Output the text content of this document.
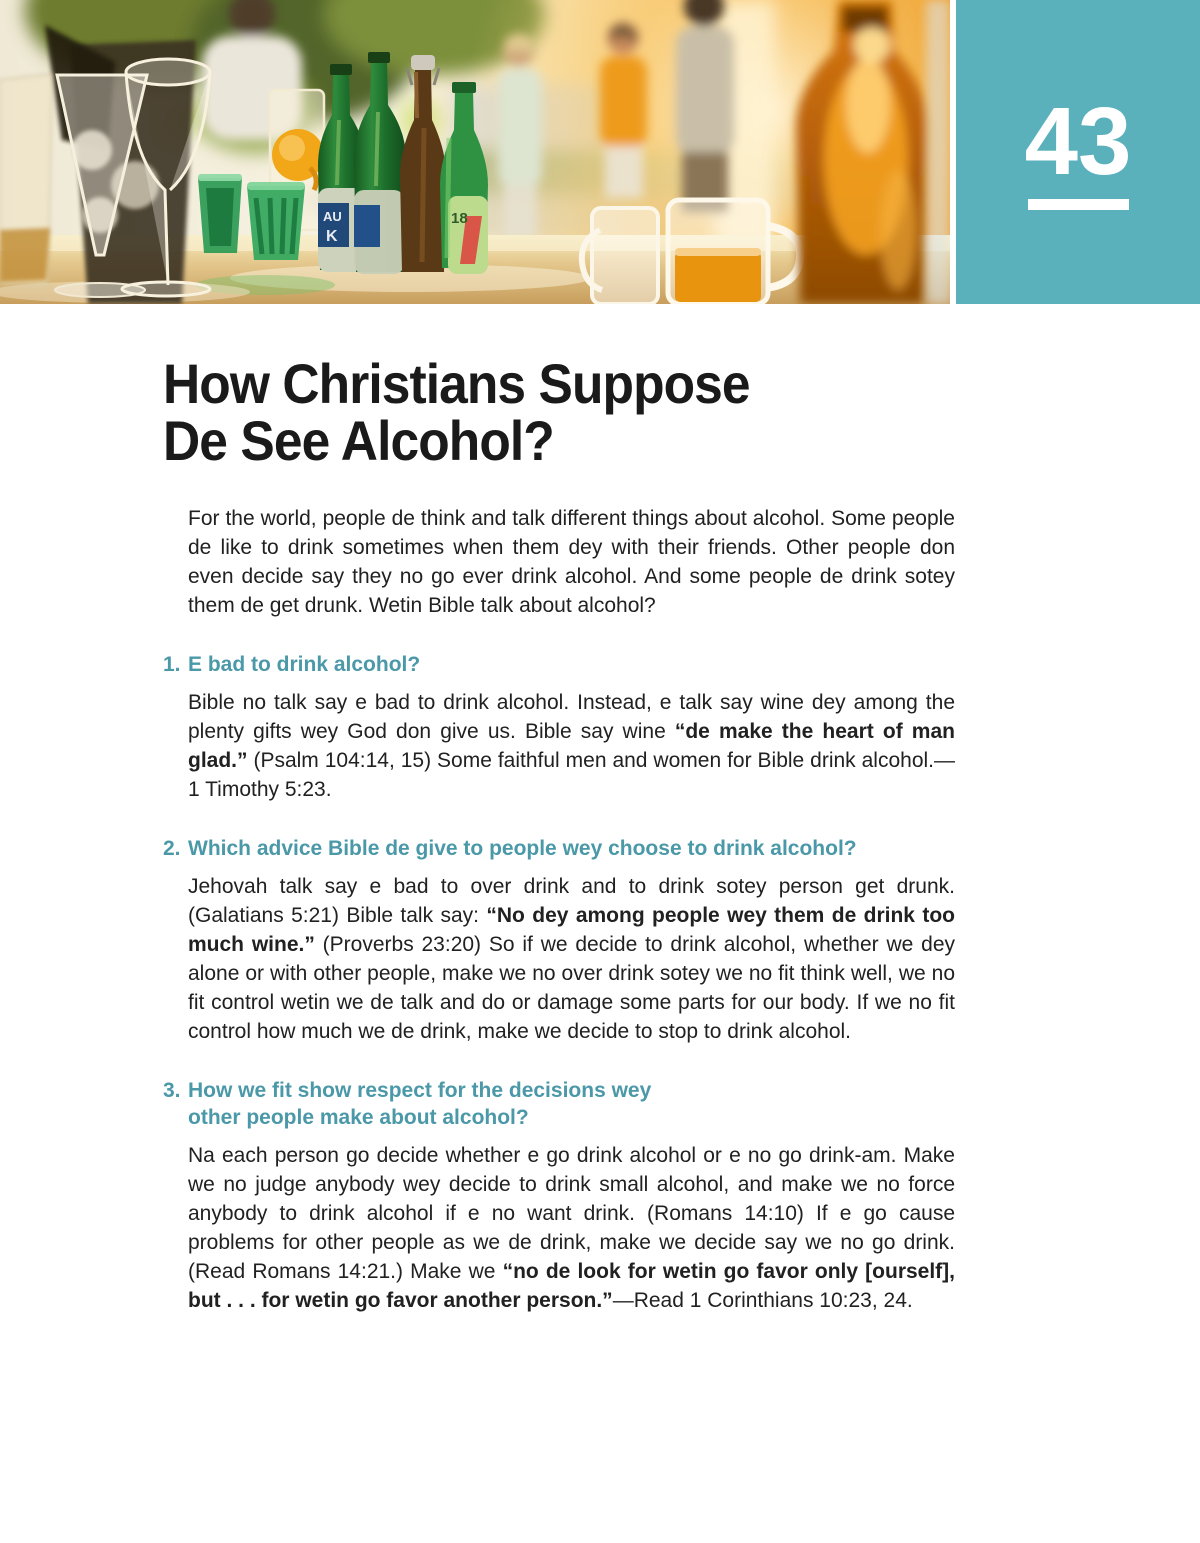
AU
K
18
43
How Christians Suppose
De See Alcohol?

For the world, people de think and talk different things about alcohol. Some people de like to drink sometimes when them dey with their friends. Other people don even decide say they no go ever drink alcohol. And some people de drink sotey them de get drunk. Wetin Bible talk about alcohol?

1. E bad to drink alcohol?

Bible no talk say e bad to drink alcohol. Instead, e talk say wine dey among the plenty gifts wey God don give us. Bible say wine “de make the heart of man glad.” (Psalm 104:14, 15) Some faithful men and women for Bible drink alcohol.—1 Timothy 5:23.

2. Which advice Bible de give to people wey choose to drink alcohol?

Jehovah talk say e bad to over drink and to drink sotey person get drunk. (Galatians 5:21) Bible talk say: “No dey among people wey them de drink too much wine.” (Proverbs 23:20) So if we decide to drink alcohol, whether we dey alone or with other people, make we no over drink sotey we no fit think well, we no fit control wetin we de talk and do or damage some parts for our body. If we no fit control how much we de drink, make we decide to stop to drink alcohol.

3. How we fit show respect for the decisions wey
other people make about alcohol?

Na each person go decide whether e go drink alcohol or e no go drink-am. Make we no judge anybody wey decide to drink small alcohol, and make we no force anybody to drink alcohol if e no want drink. (Romans 14:10) If e go cause problems for other people as we de drink, make we decide say we no go drink. (Read Romans 14:21.) Make we “no de look for wetin go favor only [ourself], but . . . for wetin go favor another person.”—Read 1 Corinthians 10:23, 24.
